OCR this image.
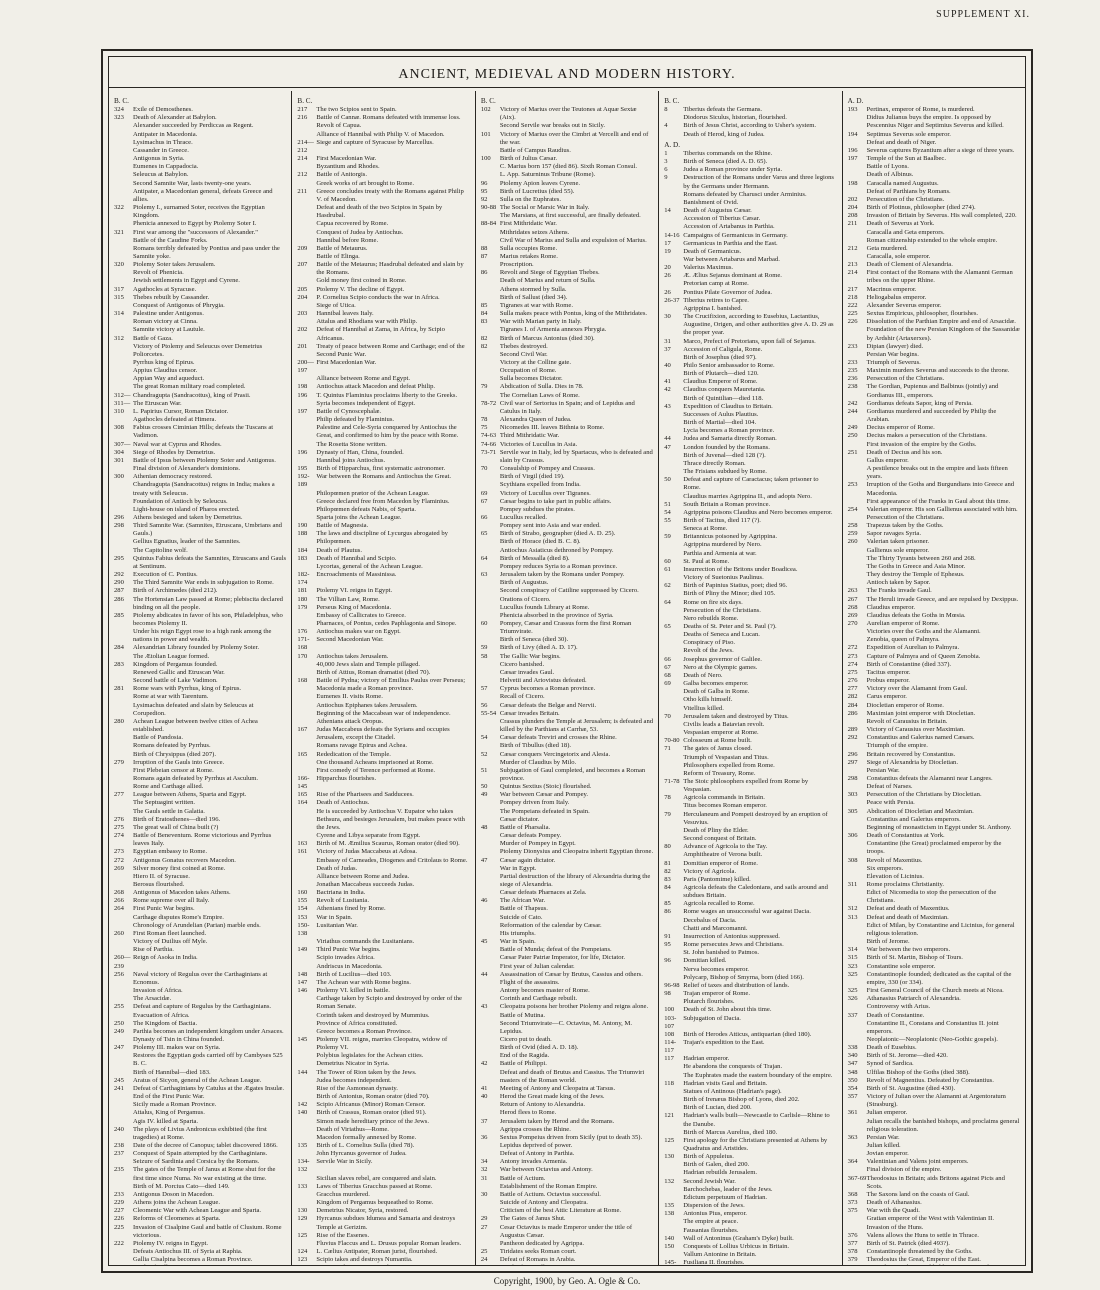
SUPPLEMENT XI.
ANCIENT, MEDIEVAL AND MODERN HISTORY.
B. C.
324	Exile of Demosthenes.
323	Death of Alexander at Babylon.
Alexander succeeded by Perdiccas as Regent.
Antipater in Macedonia.
Lysimachus in Thrace.
Cassander in Greece.
Antigonus in Syria.
Eumenes in Cappadocia.
Seleucus at Babylon.
Second Samnite War, lasts twenty-one years.
Antipater, a Macedonian general, defeats Greece and allies.
322	Ptolemy I., surnamed Soter, receives the Egyptian Kingdom.
Phenicia annexed to Egypt by Ptolemy Soter I.
321	First war among the "successors of Alexander."
Battle of the Caudine Forks.
Romans terribly defeated by Pontius and pass under the Samnite yoke.
320	Ptolemy Soter takes Jerusalem.
Revolt of Phenicia.
Jewish settlements in Egypt and Cyrene.
317	Agathocles at Syracuse.
315	Thebes rebuilt by Cassander.
Conquest of Antigonus of Phrygia.
314	Palestine under Antigonus.
Roman victory at Cinna.
Samnite victory at Lautule.
312	Battle of Gaza.
Victory of Ptolemy and Seleucus over Demetrius Poliorcetes.
Pyrrhus king of Epirus.
Appius Claudius censor.
Appian Way and aqueduct.
The great Roman military road completed.
312— Chandragupta (Sandracottus), king of Prasii.
311— The Etruscan War.
310	L. Papirius Cursor, Roman Dictator.
Agathocles defeated at Himera.
308	Fabius crosses Ciminian Hills; defeats the Tuscans at Vadimon.
307— Naval war at Cyprus and Rhodes.
304	Siege of Rhodes by Demetrius.
301	Battle of Ipsus between Ptolemy Soter and Antigonus.
Final division of Alexander's dominions.
300	Athenian democracy restored.
Chandragupta (Sandracottus) reigns in India; makes a treaty with Seleucus.
Foundation of Antioch by Seleucus.
Light-house on island of Pharos erected.
296	Athens besieged and taken by Demetrius.
298	Third Samnite War. (Samnites, Etruscans, Umbrians and Gauls.)
Gellius Egnatius, leader of the Samnites.
The Capitoline wolf.
295	Quintus Fabius defeats the Samnites, Etruscans and Gauls at Sentinum.
292	Execution of C. Pontius.
290	The Third Samnite War ends in subjugation to Rome.
287	Birth of Archimedes (died 212).
286	The Hortensian Law passed at Rome; plebiscita declared binding on all the people.
285	Ptolemy abdicates in favor of his son, Philadelphus, who becomes Ptolemy II.
Under his reign Egypt rose to a high rank among the nations in power and wealth.
284	Alexandrian Library founded by Ptolemy Soter.
The Ætolian League formed.
283	Kingdom of Pergamus founded.
Renewed Gallic and Etruscan War.
Second battle of Lake Vadimon.
281	Rome wars with Pyrrhus, king of Epirus.
Rome at war with Tarentum.
Lysimachus defeated and slain by Seleucus at Corupedion.
280	Achean League between twelve cities of Achea established.
Battle of Pandosia.
Romans defeated by Pyrrhus.
Birth of Chrysippus (died 207).
279	Irruption of the Gauls into Greece.
First Plebeian censor at Rome.
Romans again defeated by Pyrrhus at Asculum.
Rome and Carthage allied.
277	League between Athens, Sparta and Egypt.
The Septuagint written.
The Gauls settle in Galatia.
276	Birth of Eratosthenes—died 196.
275	The great wall of China built (?)
274	Battle of Beneventum. Rome victorious and Pyrrhus leaves Italy.
273	Egyptian embassy to Rome.
272	Antigonus Gonatus recovers Macedon.
269	Silver money first coined at Rome.
Hiero II. of Syracuse.
Berosus flourished.
268	Antigonus of Macedon takes Athens.
266	Rome supreme over all Italy.
264	First Punic War begins.
Carthage disputes Rome's Empire.
Chronology of Arundelian (Parian) marble ends.
260	First Roman fleet launched.
Victory of Duilius off Myle.
Rise of Parthia.
260—239
Reign of Asoka in India.
256	Naval victory of Regulus over the Carthaginians at Ecnomus.
Invasion of Africa.
The Arsacidæ.
255	Defeat and capture of Regulus by the Carthaginians.
Evacuation of Africa.
250	The Kingdom of Bactia.
249	Parthia becomes an independent kingdom under Arsaces.
Dynasty of Tsin in China founded.
247	Ptolemy III. makes war on Syria.
Restores the Egyptian gods carried off by Cambyses 525 B. C.
Birth of Hannibal—died 183.
245	Aratus of Sicyon, general of the Achean League.
241	Defeat of Carthaginians by Catulus at the Ægates Insulæ.
End of the First Punic War.
Sicily made a Roman Province.
Attalus, King of Pergamus.
Agis IV. killed at Sparta.
240	The plays of Livius Andronicus exhibited (the first tragedies) at Rome.
238	Date of the decree of Canopus; tablet discovered 1866.
237	Conquest of Spain attempted by the Carthaginians.
Seizure of Sardinia and Corsica by the Romans.
235	The gates of the Temple of Janus at Rome shut for the first time since Numa. No war existing at the time.
Birth of M. Porcius Cato—died 149.
233	Antigonus Doson in Macedon.
229	Athens joins the Achean League.
227	Cleomenic War with Achean League and Sparta.
226	Reforms of Cleomenes at Sparta.
225	Invasion of Cisalpine Gaul and battle of Clusium. Rome victorious.
222	Ptolemy IV. reigns in Egypt.
Defeats Antiochus III. of Syria at Raphia.
Gallia Cisalpina becomes a Roman Province.
B. C.
217	The two Scipios sent to Spain.
216	Battle of Cannæ. Romans defeated with immense loss.
Revolt of Capua.
Alliance of Hannibal with Philip V. of Macedon.
214—212
Siege and capture of Syracuse by Marcellus.
214	First Macedonian War.
Byzantium and Rhodes.
212	Battle of Anitorgis.
Greek works of art brought to Rome.
211	Greece concludes treaty with the Romans against Philip V. of Macedon.
Defeat and death of the two Scipios in Spain by Hasdrubal.
Capua recovered by Rome.
Conquest of Judea by Antiochus.
Hannibal before Rome.
209	Battle of Metaurus.
Battle of Elinga.
207	Battle of the Metaurus; Hasdrubal defeated and slain by the Romans.
Gold money first coined in Rome.
205	Ptolemy V. The decline of Egypt.
204	P. Cornelius Scipio conducts the war in Africa.
Siege of Utica.
203	Hannibal leaves Italy.
Attalus and Rhodians war with Philip.
202	Defeat of Hannibal at Zama, in Africa, by Scipio Africanus.
201	Treaty of peace between Rome and Carthage; end of the Second Punic War.
200—197
First Macedonian War.
Alliance between Rome and Egypt.
198	Antiochus attack Macedon and defeat Philip.
196	T. Quintus Flaminius proclaims liberty to the Greeks.
Syria becomes independent of Egypt.
197	Battle of Cynoscephalæ.
Philip defeated by Flaminius.
Palestine and Cele-Syria conquered by Antiochus the Great, and confirmed to him by the peace with Rome.
The Rosetta Stone written.
196	Dynasty of Han, China, founded.
Hannibal joins Antiochus.
195	Birth of Hipparchus, first systematic astronomer.
192-189
War between the Romans and Antiochus the Great.
Philopœmen prætor of the Achean League.
Greece declared free from Macedon by Flaminius.
Philopœmen defeats Nabis, of Sparta.
Sparta joins the Achean League.
190	Battle of Magnesia.
188	The laws and discipline of Lycurgus abrogated by Philopœmen.
184	Death of Plautus.
183	Death of Hannibal and Scipio.
Lycortas, general of the Achean League.
182-174
Encroachments of Massinissa.
181	Ptolemy VI. reigns in Egypt.
180	The Villian Law, Rome.
179	Perseus King of Macedonia.
Embassy of Callicrates to Greece.
Pharnaces, of Pontus, cedes Paphlagonia and Sinope.
176	Antiochus makes war on Egypt.
171-168
Second Macedonian War.
170	Antiochus takes Jerusalem.
40,000 Jews slain and Temple pillaged.
Birth of Attius, Roman dramatist (died 70).
168	Battle of Pydna; victory of Emilius Paulus over Perseus; Macedonia made a Roman province.
Eumenes II. visits Rome.
Antiochus Epiphanes takes Jerusalem.
Beginning of the Maccabean war of independence.
Athenians attack Oropus.
167	Judas Maccabeus defeats the Syrians and occupies Jerusalem, except the Citadel.
Romans ravage Epirus and Achea.
165	Rededication of the Temple.
One thousand Acheans imprisoned at Rome.
First comedy of Terence performed at Rome.
166-145
Hipparchus flourishes.
165	Rise of the Pharisees and Sadducees.
164	Death of Antiochus.
He is succeeded by Antiochus V. Eupator who takes Bethsura, and besieges Jerusalem, but makes peace with the Jews.
Cyrene and Libya separate from Egypt.
163	Birth of M. Æmilius Scaurus, Roman orator (died 90).
161	Victory of Judas Maccabeus at Adosa.
Embassy of Carneades, Diogenes and Critolaus to Rome.
Death of Judas.
Alliance between Rome and Judea.
Jonathan Maccabeus succeeds Judas.
160	Bactriana in India.
155	Revolt of Lusitania.
154	Athenians fined by Rome.
153	War in Spain.
150-138
Lusitanian War.
Viriathus commands the Lusitanians.
149	Third Punic War begins.
Scipio invades Africa.
Andriscus in Macedonia.
148	Birth of Lucilius—died 103.
147	The Achean war with Rome begins.
146	Ptolemy VI. killed in battle.
Carthage taken by Scipio and destroyed by order of the Roman Senate.
Corinth taken and destroyed by Mummius.
Province of Africa constituted.
Greece becomes a Roman Province.
145	Ptolemy VII. reigns, marries Cleopatra, widow of Ptolemy VI.
Polybius legislates for the Achean cities.
Demetrius Nicator in Syria.
144	The Tower of Rion taken by the Jews.
Judea becomes independent.
Rise of the Asmonean dynasty.
Birth of Antonius, Roman orator (died 70).
142	Scipio Africanus (Minor) Roman Censor.
140	Birth of Crassus, Roman orator (died 91).
Simon made hereditary prince of the Jews.
Death of Viriathus—Rome.
Macedon formally annexed by Rome.
135	Birth of L. Cornelius Sulla (died 78).
John Hyrcanus governor of Judea.
134-132
Servile War in Sicily.
Sicilian slaves rebel, are conquered and slain.
133	Laws of Tiberius Gracchus passed at Rome.
Gracchus murdered.
Kingdom of Pergamus bequeathed to Rome.
130	Demetrius Nicator, Syria, restored.
129	Hyrcanus subdues Idumea and Samaria and destroys Temple at Gerizim.
125	Rise of the Essenes.
Fluvius Flaccus and L. Drusus popular Roman leaders.
124	L. Cælius Antipater, Roman jurist, flourished.
123	Scipio takes and destroys Numantia.
B. C.
102	Victory of Marius over the Teutones at Aquæ Sextæ (Aix).
Second Servile war breaks out in Sicily.
101	Victory of Marius over the Cimbri at Vercelli and end of the war.
Battle of Campus Raudius.
100	Birth of Julius Cæsar.
C. Marius born 157 (died 86). Sixth Roman Consul.
L. App. Saturninus Tribune (Rome).
96	Ptolemy Apion leaves Cyrene.
95	Birth of Lucretius (died 55).
92	Sulla on the Euphrates.
90-88 The Social or Marsic War in Italy.
The Marsians, at first successful, are finally defeated.
88-84 First Mithridatic War.
Mithridates seizes Athens.
Civil War of Marius and Sulla and expulsion of Marius.
88	Sulla occupies Rome.
87	Marius retakes Rome.
Proscription.
86	Revolt and Siege of Egyptian Thebes.
Death of Marius and return of Sulla.
Athens stormed by Sulla.
Birth of Sallust (died 34).
85	Tigranes at war with Rome.
84	Sulla makes peace with Pontus, king of the Mithridates.
83	War with Marian party in Italy.
Tigranes I. of Armenia annexes Phrygia.
82	Birth of Marcus Antonius (died 30).
82	Thebes destroyed.
Second Civil War.
Victory at the Colline gate.
Occupation of Rome.
Sulla becomes Dictator.
79	Abdication of Sulla. Dies in 78.
The Cornelian Laws of Rome.
78-72 Civil war of Sertorius in Spain; and of Lepidus and Catulus in Italy.
78	Alexandra Queen of Judea.
75	Nicomedes III. leaves Bithnia to Rome.
74-63 Third Mithridatic War.
74-66 Victories of Lucullus in Asia.
73-71 Servile war in Italy, led by Spartacus, who is defeated and slain by Crassus.
70	Consulship of Pompey and Crassus.
Birth of Virgil (died 19).
Scythians expelled from India.
69	Victory of Lucullus over Tigranes.
67	Cæsar begins to take part in public affairs.
Pompey subdues the pirates.
66	Lucullus recalled.
Pompey sent into Asia and war ended.
65	Birth of Strabo, geographer (died A. D. 25).
Birth of Horace (died B. C. 8).
Antiochus Asiaticus dethroned by Pompey.
64	Birth of Messalla (died 8).
Pompey reduces Syria to a Roman province.
63	Jerusalem taken by the Romans under Pompey.
Birth of Augustus.
Second conspiracy of Catiline suppressed by Cicero.
Orations of Cicero.
Lucullus founds Library at Rome.
Phenicia absorbed in the province of Syria.
60	Pompey, Cæsar and Crassus form the first Roman Triumvirate.
Birth of Seneca (died 30).
59	Birth of Livy (died A. D. 17).
58	The Gallic War begins.
Cicero banished.
Cæsar invades Gaul.
Helvetii and Ariovistus defeated.
57	Cyprus becomes a Roman province.
Recall of Cicero.
56	Cæsar defeats the Belgæ and Nervii.
55-54 Cæsar invades Britain.
Crassus plunders the Temple at Jerusalem; is defeated and killed by the Parthians at Carrhæ, 53.
54	Cæsar defeats Treviri and crosses the Rhine.
Birth of Tibullus (died 18).
52	Cæsar conquers Vercingetorix and Alesia.
Murder of Claudius by Milo.
51	Subjugation of Gaul completed, and becomes a Roman province.
50	Quintus Sextius (Stoic) flourished.
49	War between Cæsar and Pompey.
Pompey driven from Italy.
The Pompeians defeated in Spain.
Cæsar dictator.
48	Battle of Pharsalia.
Cæsar defeats Pompey.
Murder of Pompey in Egypt.
Ptolemy Dionysius and Cleopatra inherit Egyptian throne.
47	Cæsar again dictator.
War in Egypt.
Partial destruction of the library of Alexandria during the siege of Alexandria.
Cæsar defeats Pharnaces at Zela.
46	The African War.
Battle of Thapsus.
Suicide of Cato.
Reformation of the calendar by Cæsar.
His triumphs.
45	War in Spain.
Battle of Munda; defeat of the Pompeians.
Cæsar Pater Patriæ Imperator, for life, Dictator.
First year of Julian calendar.
44	Assassination of Cæsar by Brutus, Cassius and others. Flight of the assassins.
Antony becomes master of Rome.
Corinth and Carthage rebuilt.
43	Cleopatra poisons her brother Ptolemy and reigns alone.
Battle of Mutina.
Second Triumvirate—C. Octavius, M. Antony, M. Lepidus.
Cicero put to death.
Birth of Ovid (died A. D. 18).
End of the Ragida.
42	Battle of Philippi.
Defeat and death of Brutus and Cassius. The Triumviri masters of the Roman world.
41	Meeting of Antony and Cleopatra at Tarsus.
40	Herod the Great made king of the Jews.
Return of Antony to Alexandria.
Herod flees to Rome.
37	Jerusalem taken by Herod and the Romans.
Agrippa crosses the Rhine.
36	Sextus Pompeius driven from Sicily (put to death 35).
Lepidus deprived of power.
Defeat of Antony in Parthia.
34	Antony invades Armenia.
32	War between Octavius and Antony.
31	Battle of Actium.
Establishment of the Roman Empire.
30	Battle of Actium. Octavius successful.
Suicide of Antony and Cleopatra.
Criticism of the best Attic Literature at Rome.
29	The Gates of Janus Shut.
27	Cesar Octavius is made Emperor under the title of Augustus Cæsar.
Pantheon dedicated by Agrippa.
25	Tiridates seeks Roman court.
24	Defeat of Romans in Arabia.
B. C.
8	Tiberius defeats the Germans.
Diodorus Siculus, historian, flourished.
4	Birth of Jesus Christ, according to Usher's system.
Death of Herod, king of Judea.
A. D.
1	Tiberius commands on the Rhine.
3	Birth of Seneca (died A. D. 65).
6	Judea a Roman province under Syria.
9	Destruction of the Romans under Varus and three legions by the Germans under Hermann.
Romans defeated by Charusci under Arminius.
Banishment of Ovid.
14	Death of Augustus Cæsar.
Accession of Tiberius Cæsar.
Accession of Artabanus in Parthia.
14-16 Campaigns of Germanicus in Germany.
17	Germanicus in Parthia and the East.
19	Death of Germanicus.
War between Artabarus and Marbad.
20	Valerius Maximus.
26	Æ. Ælius Sejanus dominant at Rome.
Pretorian camp at Rome.
26	Pontius Pilate Governor of Judea.
26-37 Tiberius retires to Capre.
Agrippina I. banished.
30	The Crucifixion, according to Eusebius, Lactantius, Augustine, Origen, and other authorities give A. D. 29 as the proper year.
31	Marco, Prefect of Pretorians, upon fall of Sejanus.
37	Accession of Caligula, Rome.
Birth of Josephus (died 97).
40	Philo Senior ambassador to Rome.
Birth of Plutarch—died 120.
41	Claudius Emperor of Rome.
42	Claudius conquers Mauretania.
Birth of Quintilian—died 118.
43	Expedition of Claudius to Britain.
Successes of Aulus Plautius.
Birth of Martial—died 104.
Lycia becomes a Roman province.
44	Judea and Samaria directly Roman.
47	London founded by the Romans.
Birth of Juvenal—died 128 (?).
Thrace directly Roman.
The Frisians subdued by Rome.
50	Defeat and capture of Caractacus; taken prisoner to Rome.
Claudius marries Agrippina II., and adopts Nero.
51	South Britain a Roman province.
54	Agrippina poisons Claudius and Nero becomes emperor.
55	Birth of Tacitus, died 117 (?).
Seneca at Rome.
59	Britannicus poisoned by Agrippina.
Agrippina murdered by Nero.
Parthia and Armenia at war.
60	St. Paul at Rome.
61	Insurrection of the Britons under Boadicea.
Victory of Suetonius Paulinus.
62	Birth of Papinius Statius, poet; died 96.
Birth of Pliny the Minor; died 105.
64	Rome on fire six days.
Persecution of the Christians.
Nero rebuilds Rome.
65	Deaths of St. Peter and St. Paul (?).
Deaths of Seneca and Lucan.
Conspiracy of Piso.
Revolt of the Jews.
66	Josephus governor of Galilee.
67	Nero at the Olympic games.
68	Death of Nero.
69	Galba becomes emperor.
Death of Galba in Rome.
Otho kills himself.
Vitellius killed.
70	Jerusalem taken and destroyed by Titus.
Civilis leads a Batavian revolt.
Vespasian emperor at Rome.
70-80 Colosseum at Rome built.
71	The gates of Janus closed.
Triumph of Vespasian and Titus.
Philosophers expelled from Rome.
Reform of Treasury, Rome.
71-78 The Stoic philosophers expelled from Rome by Vespasian.
78	Agricola commands in Britain.
Titus becomes Roman emperor.
79	Herculaneum and Pompeii destroyed by an eruption of Vesuvius.
Death of Pliny the Elder.
Second conquest of Britain.
80	Advance of Agricola to the Tay.
Amphitheatre of Verona built.
81	Domitian emperor of Rome.
82	Victory of Agricola.
83	Paris (Pantomime) killed.
84	Agricola defeats the Caledonians, and sails around and subdues Britain.
85	Agricola recalled to Rome.
86	Rome wages an unsuccessful war against Dacia.
Decebalus of Dacia.
Chatti and Marcomanni.
91	Insurrection of Antonius suppressed.
95	Rome persecutes Jews and Christians.
St. John banished to Patmos.
96	Domitian killed.
Nerva becomes emperor.
Polycarp, Bishop of Smyrna, born (died 166).
96-98 Relief of taxes and distribution of lands.
98	Trajan emperor of Rome.
Plutarch flourishes.
100	Death of St. John about this time.
103-107
Subjugation of Dacia.
108	Birth of Herodes Atticus, antiquarian (died 180).
114-117
Trajan's expedition to the East.
117	Hadrian emperor.
He abandons the conquests of Trajan.
The Euphrates made the eastern boundary of the empire.
118	Hadrian visits Gaul and Britain.
Statues of Antinous (Hadrian's page).
Birth of Irenæus Bishop of Lyons, died 202.
Birth of Lucian, died 200.
121	Hadrian's walls built—Newcastle to Carlisle—Rhine to the Danube.
Birth of Marcus Aurelius, died 180.
125	First apology for the Christians presented at Athens by Quadratus and Aristides.
130	Birth of Appuleius.
Birth of Galen, died 200.
Hadrian rebuilds Jerusalem.
132	Second Jewish War.
Barchochebas, leader of the Jews.
Edictum perpetuum of Hadrian.
135	Dispersion of the Jews.
138	Antonius Pius, emperor.
The empire at peace.
Fausanias flourishes.
140	Wall of Antoninus (Graham's Dyke) built.
150	Conquests of Lollius Urbicus in Britain.
Vallum Antonine in Britain.
145-	Fusiliana II. flourishes.
A. D.
193	Pertinax, emperor of Rome, is murdered.
Didius Julianus buys the empire. Is opposed by Pescennius Niger and Septimius Severus and killed.
194	Septimus Severus sole emperor.
Defeat and death of Niger.
196	Severus captures Byzantium after a siege of three years.
197	Temple of the Sun at Baalbec.
Battle of Lyons.
Death of Albinus.
198	Caracalla named Augustus.
Defeat of Parthians by Romans.
202	Persecution of the Christians.
204	Birth of Plotinus, philosopher (died 274).
208	Invasion of Britain by Severus. His wall completed, 220.
211	Death of Severus at York.
Caracalla and Geta emperors.
Roman citizenship extended to the whole empire.
212	Geta murdered.
Caracalla, sole emperor.
213	Death of Clement of Alexandria.
214	First contact of the Romans with the Alamanni German tribes on the upper Rhine.
217	Macrinus emperor.
218	Heliogabalus emperor.
222	Alexander Severus emperor.
225	Sextus Empiricus, philosopher, flourishes.
226	Dissolution of the Parthian Empire and end of Arsacidæ.
Foundation of the new Persian Kingdom of the Sassanidæ by Ardshir (Artaxerxes).
233	Dipian (lawyer) died.
Persian War begins.
233	Triumph of Severus.
235	Maximin murders Severus and succeeds to the throne.
236	Persecution of the Christians.
238	The Gordian, Pupienus and Balbinus (jointly) and Gordianus III., emperors.
242	Gordianus defeats Sapor, king of Persia.
244	Gordianus murdered and succeeded by Philip the Arabian.
249	Decius emperor of Rome.
250	Decius makes a persecution of the Christians.
First invasion of the empire by the Goths.
251	Death of Decius and his son.
Gallus emperor.
A pestilence breaks out in the empire and lasts fifteen years.
253	Irruption of the Goths and Burgundians into Greece and Macedonia.
First appearance of the Franks in Gaul about this time.
254	Valerian emperor. His son Gallienus associated with him.
Persecution of the Christians.
258	Trapezus taken by the Goths.
259	Sapor ravages Syria.
260	Valerian taken prisoner.
Gallienus sole emperor.
The Thirty Tyrants between 260 and 268.
The Goths in Greece and Asia Minor.
They destroy the Temple of Ephesus.
Antioch taken by Sapor.
263	The Franks invade Gaul.
267	The Heruli invade Greece, and are repulsed by Dexippus.
268	Claudius emperor.
269	Claudius defeats the Goths in Mœsia.
270	Aurelian emperor of Rome.
Victories over the Goths and the Alamanni.
Zenobia, queen of Palmyra.
272	Expedition of Aurelian to Palmyra.
273	Capture of Palmyra and of Queen Zenobia.
274	Birth of Constantine (died 337).
275	Tacitus emperor.
276	Probus emperor.
277	Victory over the Alamanni from Gaul.
282	Carus emperor.
284	Diocletian emperor of Rome.
286	Maximian joint emperor with Diocletian.
Revolt of Carausius in Britain.
289	Victory of Carausius over Maximian.
292	Constantius and Galerius named Cæsars.
Triumph of the empire.
296	Britain recovered by Constantius.
297	Siege of Alexandria by Diocletian.
Persian War.
298	Constantius defeats the Alamanni near Langres.
Defeat of Narses.
303	Persecution of the Christians by Diocletian.
Peace with Persia.
305	Abdication of Diocletian and Maximian.
Constantius and Galerius emperors.
Beginning of monasticism in Egypt under St. Anthony.
306	Death of Constantius at York.
Constantine (the Great) proclaimed emperor by the troops.
308	Revolt of Maxentius.
Six emperors.
Elevation of Licinius.
311	Rome proclaims Christianity.
Edict of Nicomedia to stop the persecution of the Christians.
312	Defeat and death of Maxentius.
313	Defeat and death of Maximian.
Edict of Milan, by Constantine and Licinius, for general religious toleration.
Birth of Jerome.
314	War between the two emperors.
315	Birth of St. Martin, Bishop of Tours.
323	Constantine sole emperor.
325	Constantinople founded; dedicated as the capital of the empire, 330 (or 334).
325	First General Council of the Church meets at Nicea.
326	Athanasius Patriarch of Alexandria.
Controversy with Arius.
337	Death of Constantine.
Constantine II., Constans and Constantius II. joint emperors.
Neoplatonic—Neoplatonic (Neo-Gothic gospels).
338	Death of Eusebius.
340	Birth of St. Jerome—died 420.
347	Synod of Sardica.
348	Ulfilas Bishop of the Goths (died 388).
350	Revolt of Magnentius. Defeated by Constantius.
354	Birth of St. Augustine (died 430).
357	Victory of Julian over the Alamanni at Argentoratum (Strasburg).
361	Julian emperor.
Julian recalls the banished bishops, and proclaims general religious toleration.
363	Persian War.
Julian killed.
Jovian emperor.
364	Valentinian and Valens joint emperors.
Final division of the empire.
367-69 Theodosius in Britain; aids Britons against Picts and Scots.
368	The Saxons land on the coasts of Gaul.
373	Death of Athanasius.
375	War with the Quadi.
Gratian emperor of the West with Valentinian II.
Invasion of the Huns.
376	Valens allows the Huns to settle in Thrace.
377	Birth of St. Patrick (died 493?).
378	Constantinople threatened by the Goths.
379	Theodosius the Great, Emperor of the East.
Copyright, 1900, by Geo. A. Ogle & Co.
